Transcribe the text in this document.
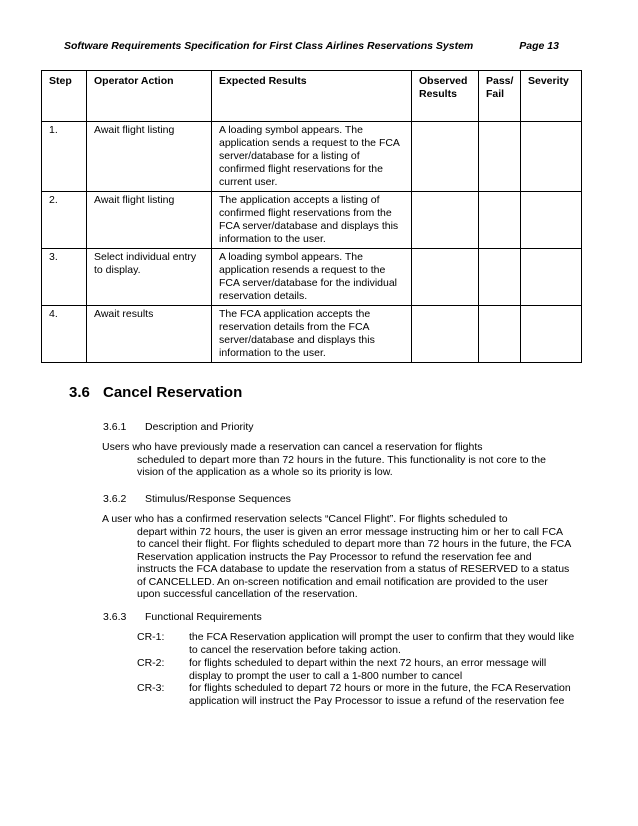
Software Requirements Specification for First Class Airlines Reservations System	Page 13
Step	Operator Action	Expected Results	Observed Results	Pass/ Fail	Severity
1.	Await flight listing	A loading symbol appears. The application sends a request to the FCA server/database for a listing of confirmed flight reservations for the current user.			
2.	Await flight listing	The application accepts a listing of confirmed flight reservations from the FCA server/database and displays this information to the user.			
3.	Select individual entry to display.	A loading symbol appears. The application resends a request to the FCA server/database for the individual reservation details.			
4.	Await results	The FCA application accepts the reservation details from the FCA server/database and displays this information to the user.			
3.6 Cancel Reservation
3.6.1 Description and Priority
Users who have previously made a reservation can cancel a reservation for flights
scheduled to depart more than 72 hours in the future. This functionality is not core to the vision of the application as a whole so its priority is low.
3.6.2 Stimulus/Response Sequences
A user who has a confirmed reservation selects “Cancel Flight”. For flights scheduled to
depart within 72 hours, the user is given an error message instructing him or her to call FCA to cancel their flight. For flights scheduled to depart more than 72 hours in the future, the FCA Reservation application instructs the Pay Processor to refund the reservation fee and instructs the FCA database to update the reservation from a status of RESERVED to a status of CANCELLED. An on-screen notification and email notification are provided to the user upon successful cancellation of the reservation.
3.6.3 Functional Requirements
CR-1: the FCA Reservation application will prompt the user to confirm that they would like to cancel the reservation before taking action.
CR-2: for flights scheduled to depart within the next 72 hours, an error message will display to prompt the user to call a 1-800 number to cancel
CR-3: for flights scheduled to depart 72 hours or more in the future, the FCA Reservation application will instruct the Pay Processor to issue a refund of the reservation fee
